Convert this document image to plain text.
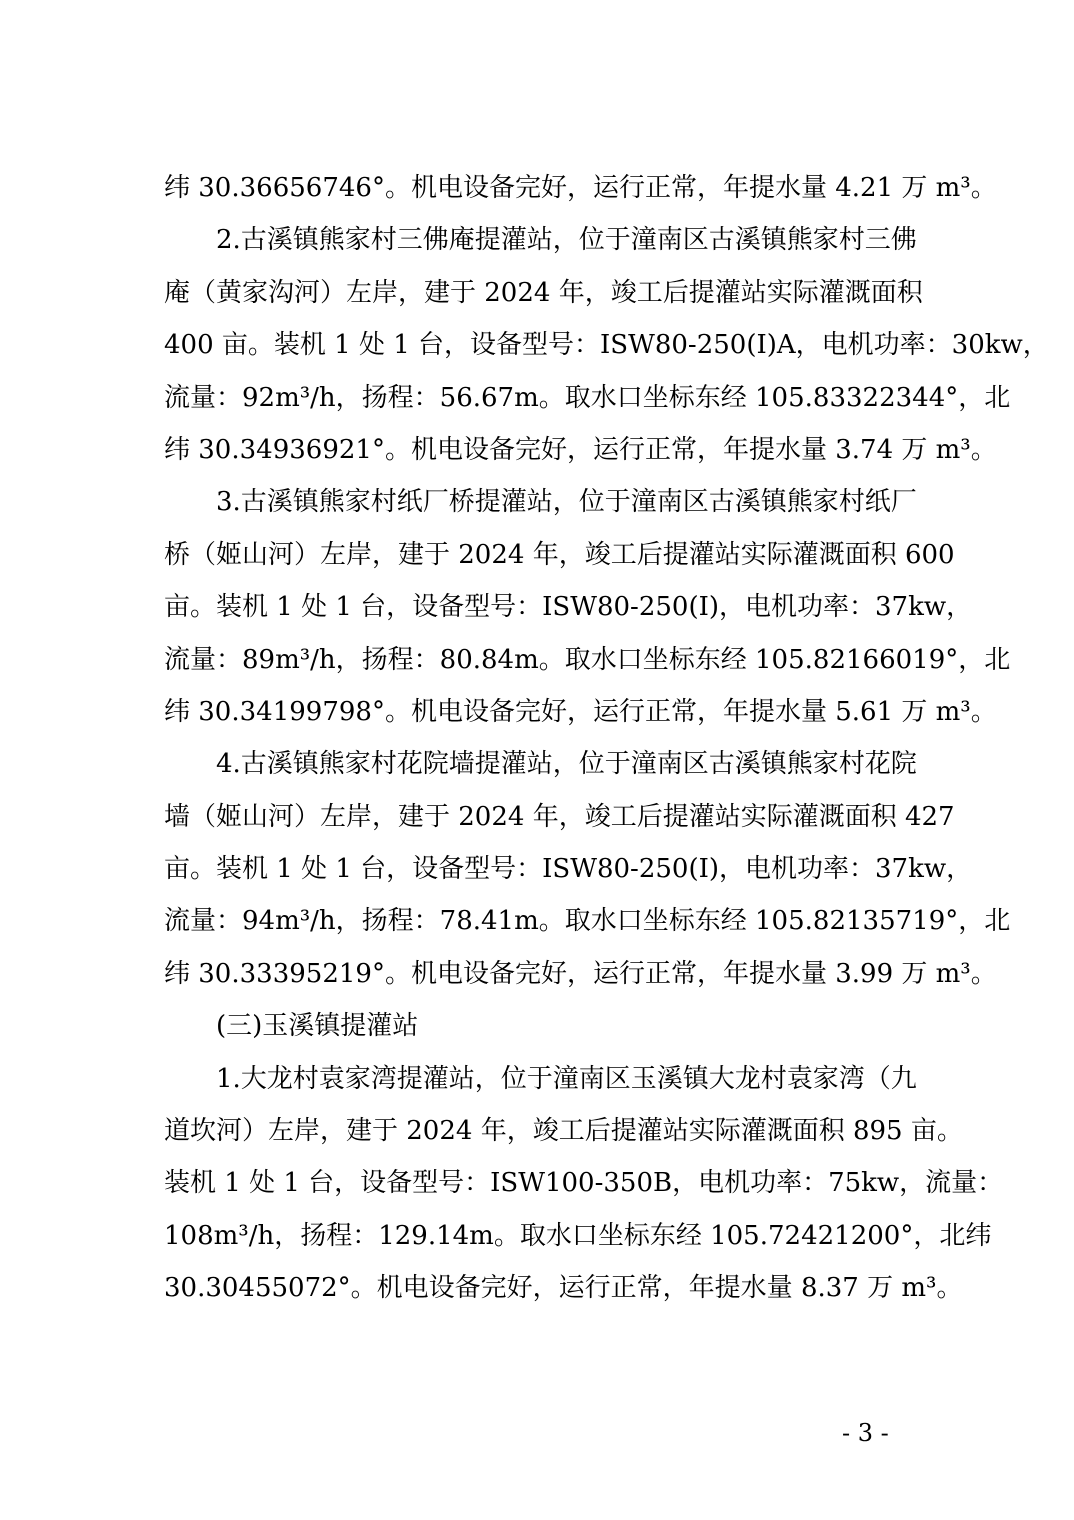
纬 30.36656746°。机电设备完好，运行正常，年提水量 4.21 万 m³。
2.古溪镇熊家村三佛庵提灌站，位于潼南区古溪镇熊家村三佛
庵（黄家沟河）左岸，建于 2024 年，竣工后提灌站实际灌溉面积
400 亩。装机 1 处 1 台，设备型号：ISW80-250(I)A，电机功率：30kw，
流量：92m³/h，扬程：56.67m。取水口坐标东经 105.83322344°，北
纬 30.34936921°。机电设备完好，运行正常，年提水量 3.74 万 m³。
3.古溪镇熊家村纸厂桥提灌站，位于潼南区古溪镇熊家村纸厂
桥（姬山河）左岸，建于 2024 年，竣工后提灌站实际灌溉面积 600
亩。装机 1 处 1 台，设备型号：ISW80-250(I)，电机功率：37kw，
流量：89m³/h，扬程：80.84m。取水口坐标东经 105.82166019°，北
纬 30.34199798°。机电设备完好，运行正常，年提水量 5.61 万 m³。
4.古溪镇熊家村花院墙提灌站，位于潼南区古溪镇熊家村花院
墙（姬山河）左岸，建于 2024 年，竣工后提灌站实际灌溉面积 427
亩。装机 1 处 1 台，设备型号：ISW80-250(I)，电机功率：37kw，
流量：94m³/h，扬程：78.41m。取水口坐标东经 105.82135719°，北
纬 30.33395219°。机电设备完好，运行正常，年提水量 3.99 万 m³。
(三)玉溪镇提灌站
1.大龙村袁家湾提灌站，位于潼南区玉溪镇大龙村袁家湾（九
道坎河）左岸，建于 2024 年，竣工后提灌站实际灌溉面积 895 亩。
装机 1 处 1 台，设备型号：ISW100-350B，电机功率：75kw，流量：
108m³/h，扬程：129.14m。取水口坐标东经 105.72421200°，北纬
30.30455072°。机电设备完好，运行正常，年提水量 8.37 万 m³。
- 3 -
